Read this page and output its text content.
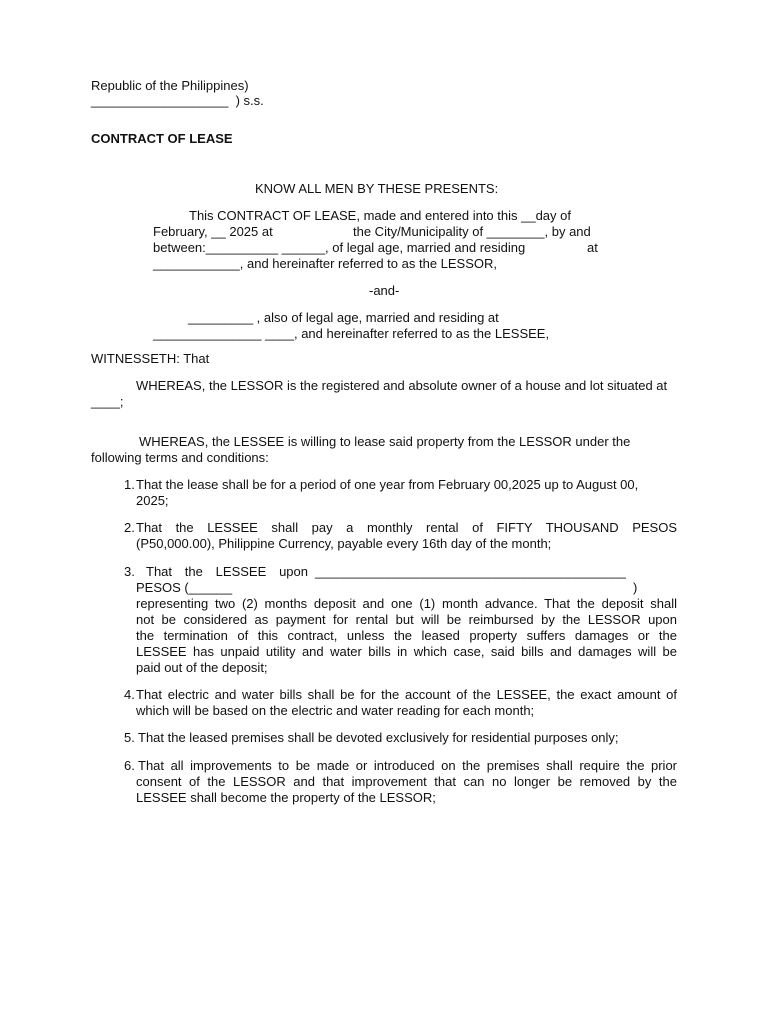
Republic of the Philippines)
___________________  ) s.s.
CONTRACT OF LEASE
KNOW ALL MEN BY THESE PRESENTS:
This CONTRACT OF LEASE, made and entered into this __day of
February, __ 2025 at	the City/Municipality of ________, by and
between:__________ ______, of legal age, married and residing	at
____________, and hereinafter referred to as the LESSOR,
-and-
_________ , also of legal age, married and residing at
_______________ ____, and hereinafter referred to as the LESSEE,
WITNESSETH: That
WHEREAS, the LESSOR is the registered and absolute owner of a house and lot situated at
____;
WHEREAS, the LESSEE is willing to lease said property from the LESSOR under the
following terms and conditions:
1. That the lease shall be for a period of one year from February 00,2025 up to August 00,
2025;
2. That the LESSEE shall pay a monthly rental of FIFTY THOUSAND PESOS
(P50,000.00), Philippine Currency, payable every 16th day of the month;
3. That the LESSEE upon ___________________________________________
PESOS (______	)
representing two (2) months deposit and one (1) month advance. That the deposit shall
not be considered as payment for rental but will be reimbursed by the LESSOR upon
the termination of this contract, unless the leased property suffers damages or the
LESSEE has unpaid utility and water bills in which case, said bills and damages will be
paid out of the deposit;
4. That electric and water bills shall be for the account of the LESSEE, the exact amount of
which will be based on the electric and water reading for each month;
5. That the leased premises shall be devoted exclusively for residential purposes only;
6. That all improvements to be made or introduced on the premises shall require the prior
consent of the LESSOR and that improvement that can no longer be removed by the
LESSEE shall become the property of the LESSOR;
